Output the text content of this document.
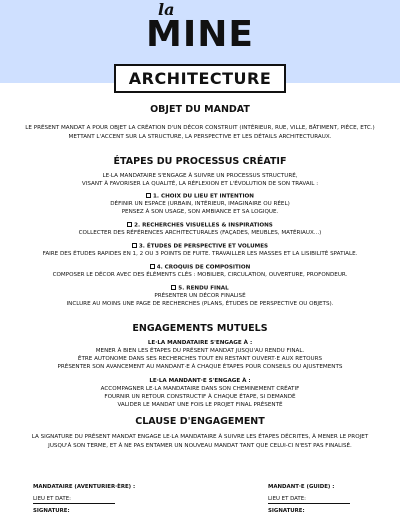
la
MINE
ARCHITECTURE
OBJET DU MANDAT
LE PRÉSENT MANDAT A POUR OBJET LA CRÉATION D'UN DÉCOR CONSTRUIT (INTÉRIEUR, RUE, VILLE, BÂTIMENT, PIÈCE, ETC.) METTANT L'ACCENT SUR LA STRUCTURE, LA PERSPECTIVE ET LES DÉTAILS ARCHITECTURAUX.
ÉTAPES DU PROCESSUS CRÉATIF
LE·LA MANDATAIRE S'ENGAGE À SUIVRE UN PROCESSUS STRUCTURÉ,
VISANT À FAVORISER LA QUALITÉ, LA RÉFLEXION ET L'ÉVOLUTION DE SON TRAVAIL :
1. CHOIX DU LIEU ET INTENTION
DÉFINIR UN ESPACE (URBAIN, INTÉRIEUR, IMAGINAIRE OU RÉEL)
PENSEZ À SON USAGE, SON AMBIANCE ET SA LOGIQUE.
2. RECHERCHES VISUELLES & INSPIRATIONS
COLLECTER DES RÉFÉRENCES ARCHITECTURALES (FAÇADES, MEUBLES, MATÉRIAUX...)
3. ÉTUDES DE PERSPECTIVE ET VOLUMES
FAIRE DES ÉTUDES RAPIDES EN 1, 2 OU 3 POINTS DE FUITE. TRAVAILLER LES MASSES ET LA LISIBILITÉ SPATIALE.
4. CROQUIS DE COMPOSITION
COMPOSER LE DÉCOR AVEC DES ÉLÉMENTS CLÉS : MOBILIER, CIRCULATION, OUVERTURE, PROFONDEUR.
5. RENDU FINAL
PRÉSENTER UN DÉCOR FINALISÉ
INCLURE AU MOINS UNE PAGE DE RECHERCHES (PLANS, ÉTUDES DE PERSPECTIVE OU OBJETS).
ENGAGEMENTS MUTUELS
LE·LA MANDATAIRE S'ENGAGE À :
MENER À BIEN LES ÉTAPES DU PRÉSENT MANDAT JUSQU'AU RENDU FINAL.
ÊTRE AUTONOME DANS SES RECHERCHES TOUT EN RESTANT OUVERT·E AUX RETOURS
PRÉSENTER SON AVANCEMENT AU MANDANT·E À CHAQUE ÉTAPES POUR CONSEILS OU AJUSTEMENTS
LE·LA MANDANT·E S'ENGAGE À :
ACCOMPAGNER LE·LA MANDATAIRE DANS SON CHEMINEMENT CRÉATIF
FOURNIR UN RETOUR CONSTRUCTIF À CHAQUE ÉTAPE, SI DEMANDÉ
VALIDER LE MANDAT UNE FOIS LE PROJET FINAL PRÉSENTÉ
CLAUSE D'ENGAGEMENT
LA SIGNATURE DU PRÉSENT MANDAT ENGAGE LE·LA MANDATAIRE À SUIVRE LES ÉTAPES DÉCRITES, À MENER LE PROJET JUSQU'À SON TERME, ET À NE PAS ENTAMER UN NOUVEAU MANDAT TANT QUE CELUI-CI N'EST PAS FINALISÉ.
MANDATAIRE (AVENTURIER·ÈRE) :
LIEU ET DATE:
SIGNATURE:
MANDANT·E (GUIDE) :
LIEU ET DATE:
SIGNATURE:
